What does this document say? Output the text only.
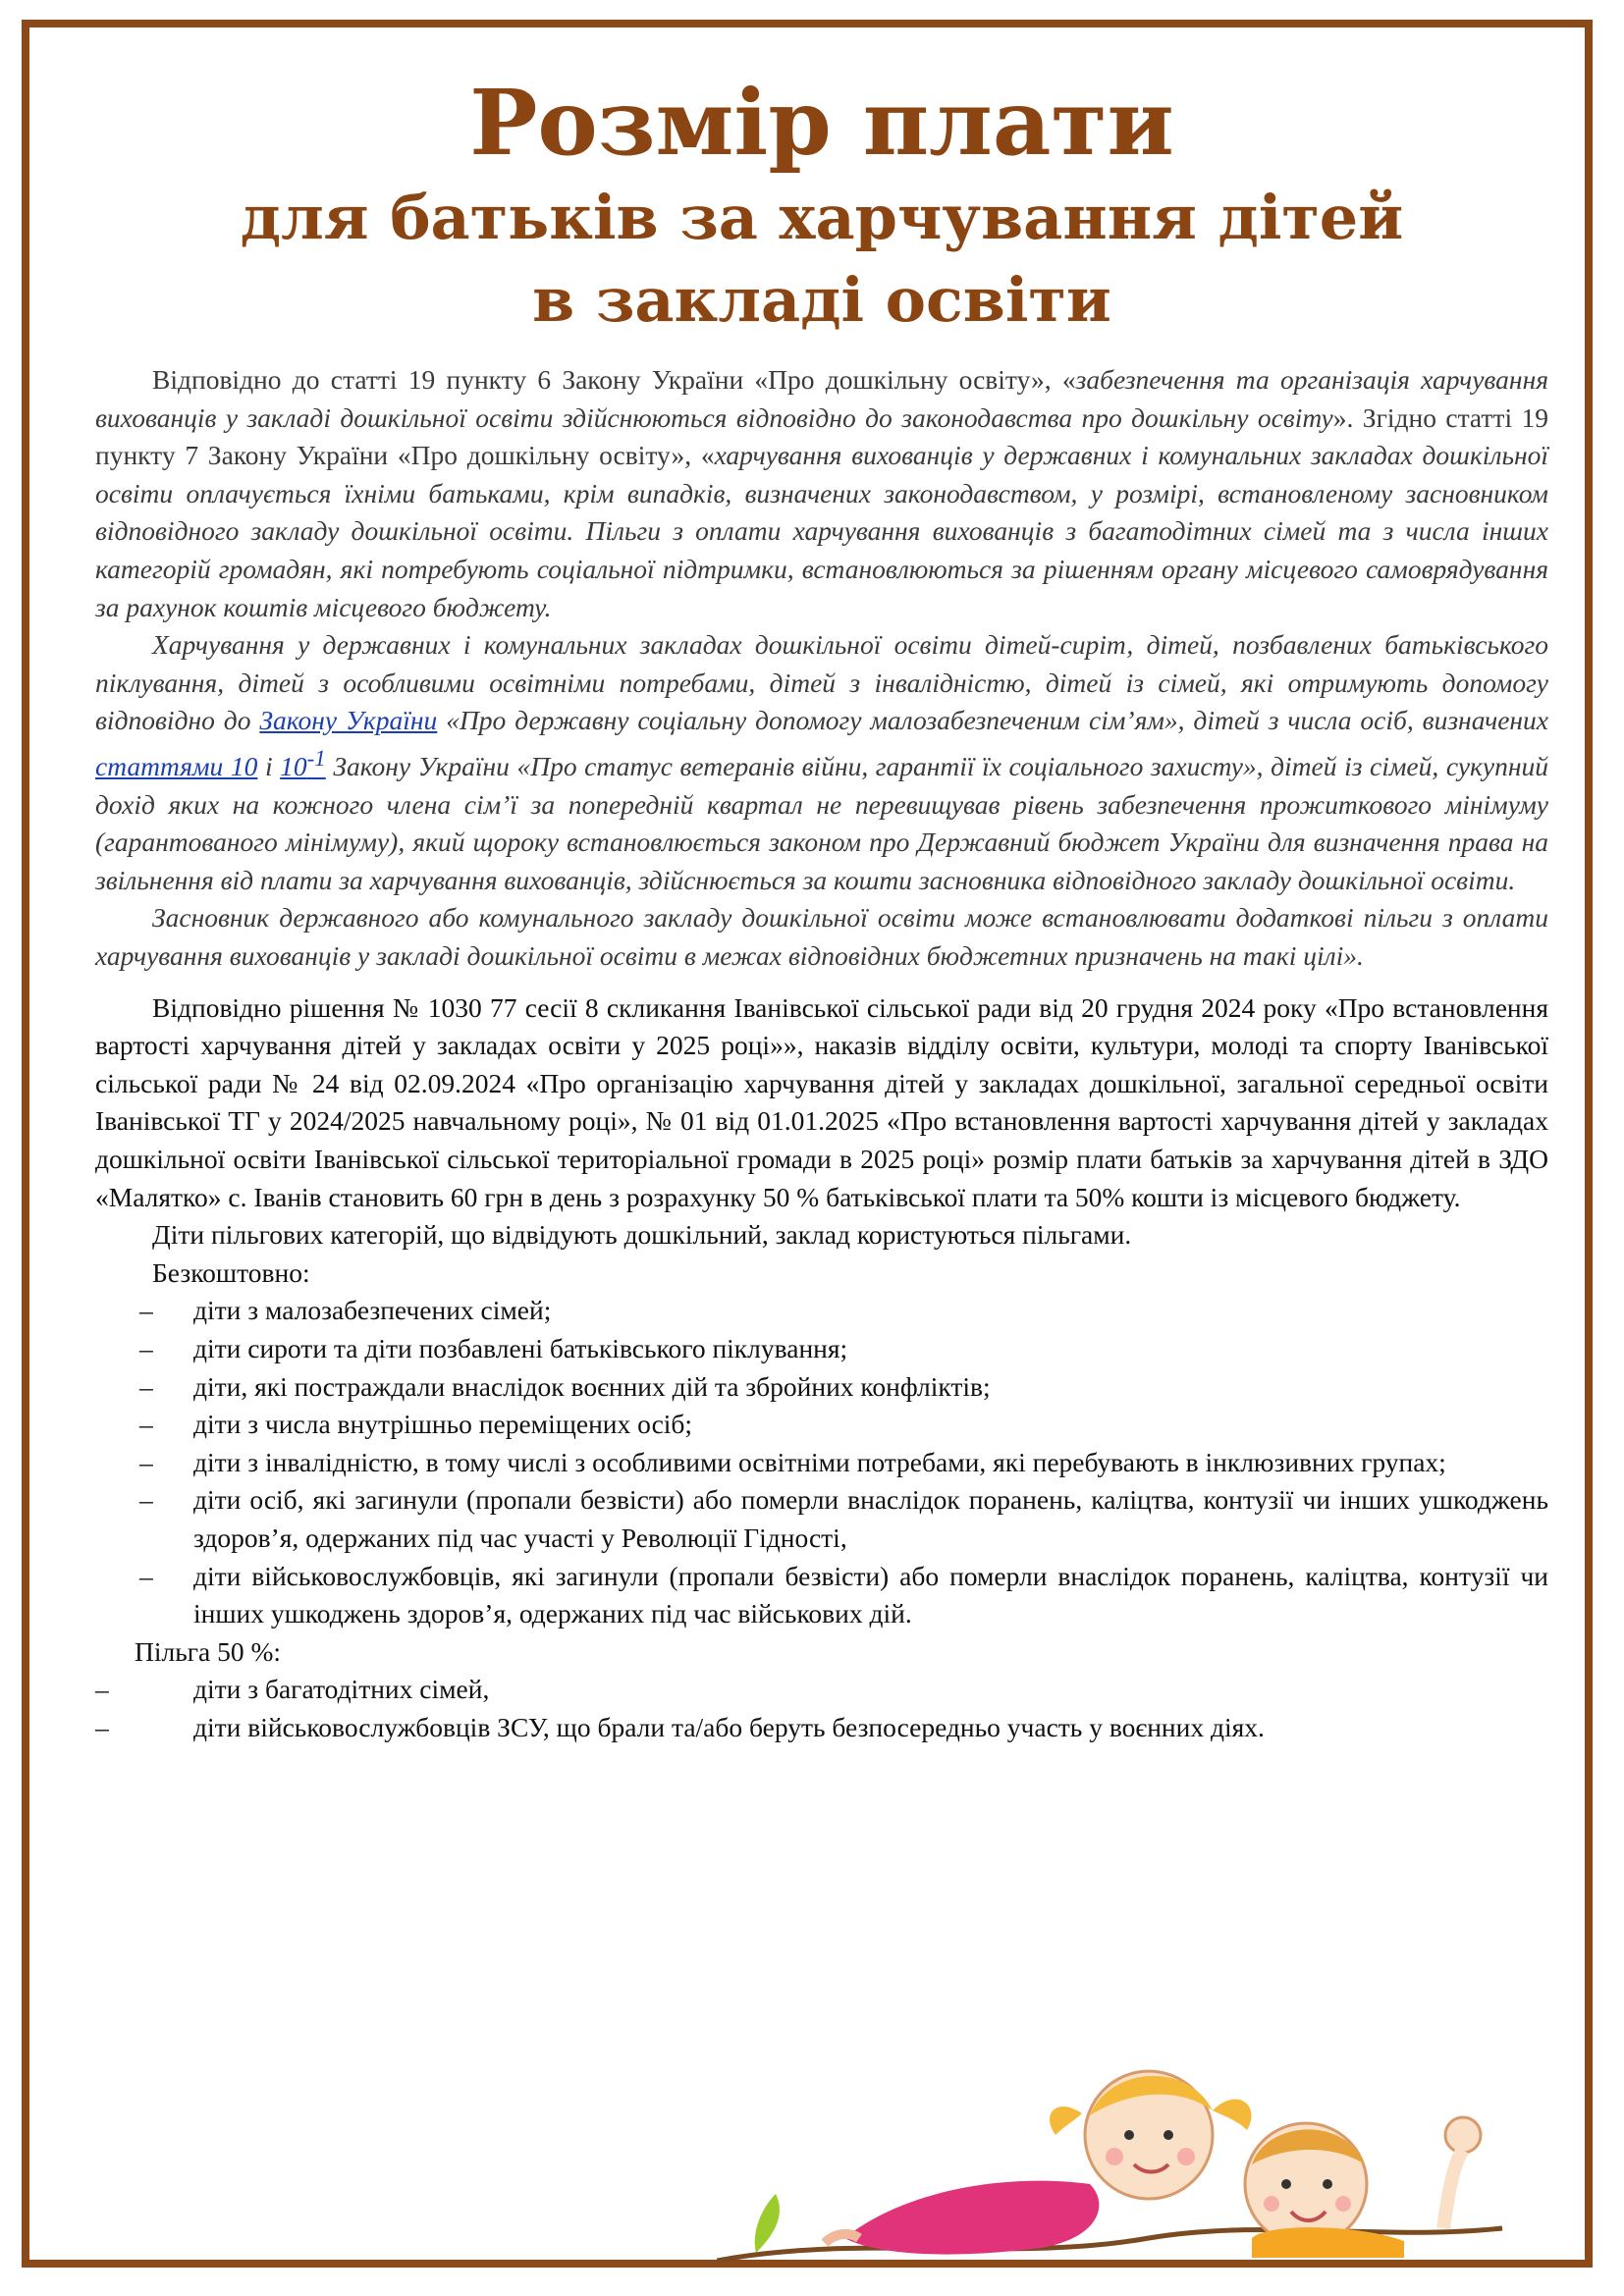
Розмір плати
для батьків за харчування дітей
в закладі освіти

Відповідно до статті 19 пункту 6 Закону України «Про дошкільну освіту», «забезпечення та організація харчування вихованців у закладі дошкільної освіти здійснюються відповідно до законодавства про дошкільну освіту». Згідно статті 19 пункту 7 Закону України «Про дошкільну освіту», «харчування вихованців у державних і комунальних закладах дошкільної освіти оплачується їхніми батьками, крім випадків, визначених законодавством, у розмірі, встановленому засновником відповідного закладу дошкільної освіти. Пільги з оплати харчування вихованців з багатодітних сімей та з числа інших категорій громадян, які потребують соціальної підтримки, встановлюються за рішенням органу місцевого самоврядування за рахунок коштів місцевого бюджету.

Харчування у державних і комунальних закладах дошкільної освіти дітей-сиріт, дітей, позбавлених батьківського піклування, дітей з особливими освітніми потребами, дітей з інвалідністю, дітей із сімей, які отримують допомогу відповідно до Закону України «Про державну соціальну допомогу малозабезпеченим сім’ям», дітей з числа осіб, визначених статтями 10 і 10$^{-1}$ Закону України «Про статус ветеранів війни, гарантії їх соціального захисту», дітей із сімей, сукупний дохід яких на кожного члена сім’ї за попередній квартал не перевищував рівень забезпечення прожиткового мінімуму (гарантованого мінімуму), який щороку встановлюється законом про Державний бюджет України для визначення права на звільнення від плати за харчування вихованців, здійснюється за кошти засновника відповідного закладу дошкільної освіти.

Засновник державного або комунального закладу дошкільної освіти може встановлювати додаткові пільги з оплати харчування вихованців у закладі дошкільної освіти в межах відповідних бюджетних призначень на такі цілі».

Відповідно рішення № 1030 77 сесії 8 скликання Іванівської сільської ради від 20 грудня 2024 року «Про встановлення вартості харчування дітей у закладах освіти у 2025 році»», наказів відділу освіти, культури, молоді та спорту Іванівської сільської ради № 24 від 02.09.2024 «Про організацію харчування дітей у закладах дошкільної, загальної середньої освіти Іванівської ТГ у 2024/2025 навчальному році», № 01 від 01.01.2025 «Про встановлення вартості харчування дітей у закладах дошкільної освіти Іванівської сільської територіальної громади в 2025 році» розмір плати батьків за харчування дітей в ЗДО «Малятко» с. Іванів становить 60 грн в день з розрахунку 50 % батьківської плати та 50% кошти із місцевого бюджету.

Діти пільгових категорій, що відвідують дошкільний, заклад користуються пільгами.

Безкоштовно:

– діти з малозабезпечених сімей;
– діти сироти та діти позбавлені батьківського піклування;
– діти, які постраждали внаслідок воєнних дій та збройних конфліктів;
– діти з числа внутрішньо переміщених осіб;
– діти з інвалідністю, в тому числі з особливими освітніми потребами, які перебувають в інклюзивних групах;
– діти осіб, які загинули (пропали безвісти) або померли внаслідок поранень, каліцтва, контузії чи інших ушкоджень здоров’я, одержаних під час участі у Революції Гідності,
– діти військовослужбовців, які загинули (пропали безвісти) або померли внаслідок поранень, каліцтва, контузії чи інших ушкоджень здоров’я, одержаних під час військових дій.

Пільга 50 %:

–	діти з багатодітних сімей,
–	діти військовослужбовців ЗСУ, що брали та/або беруть безпосередньо участь у воєнних діях.
